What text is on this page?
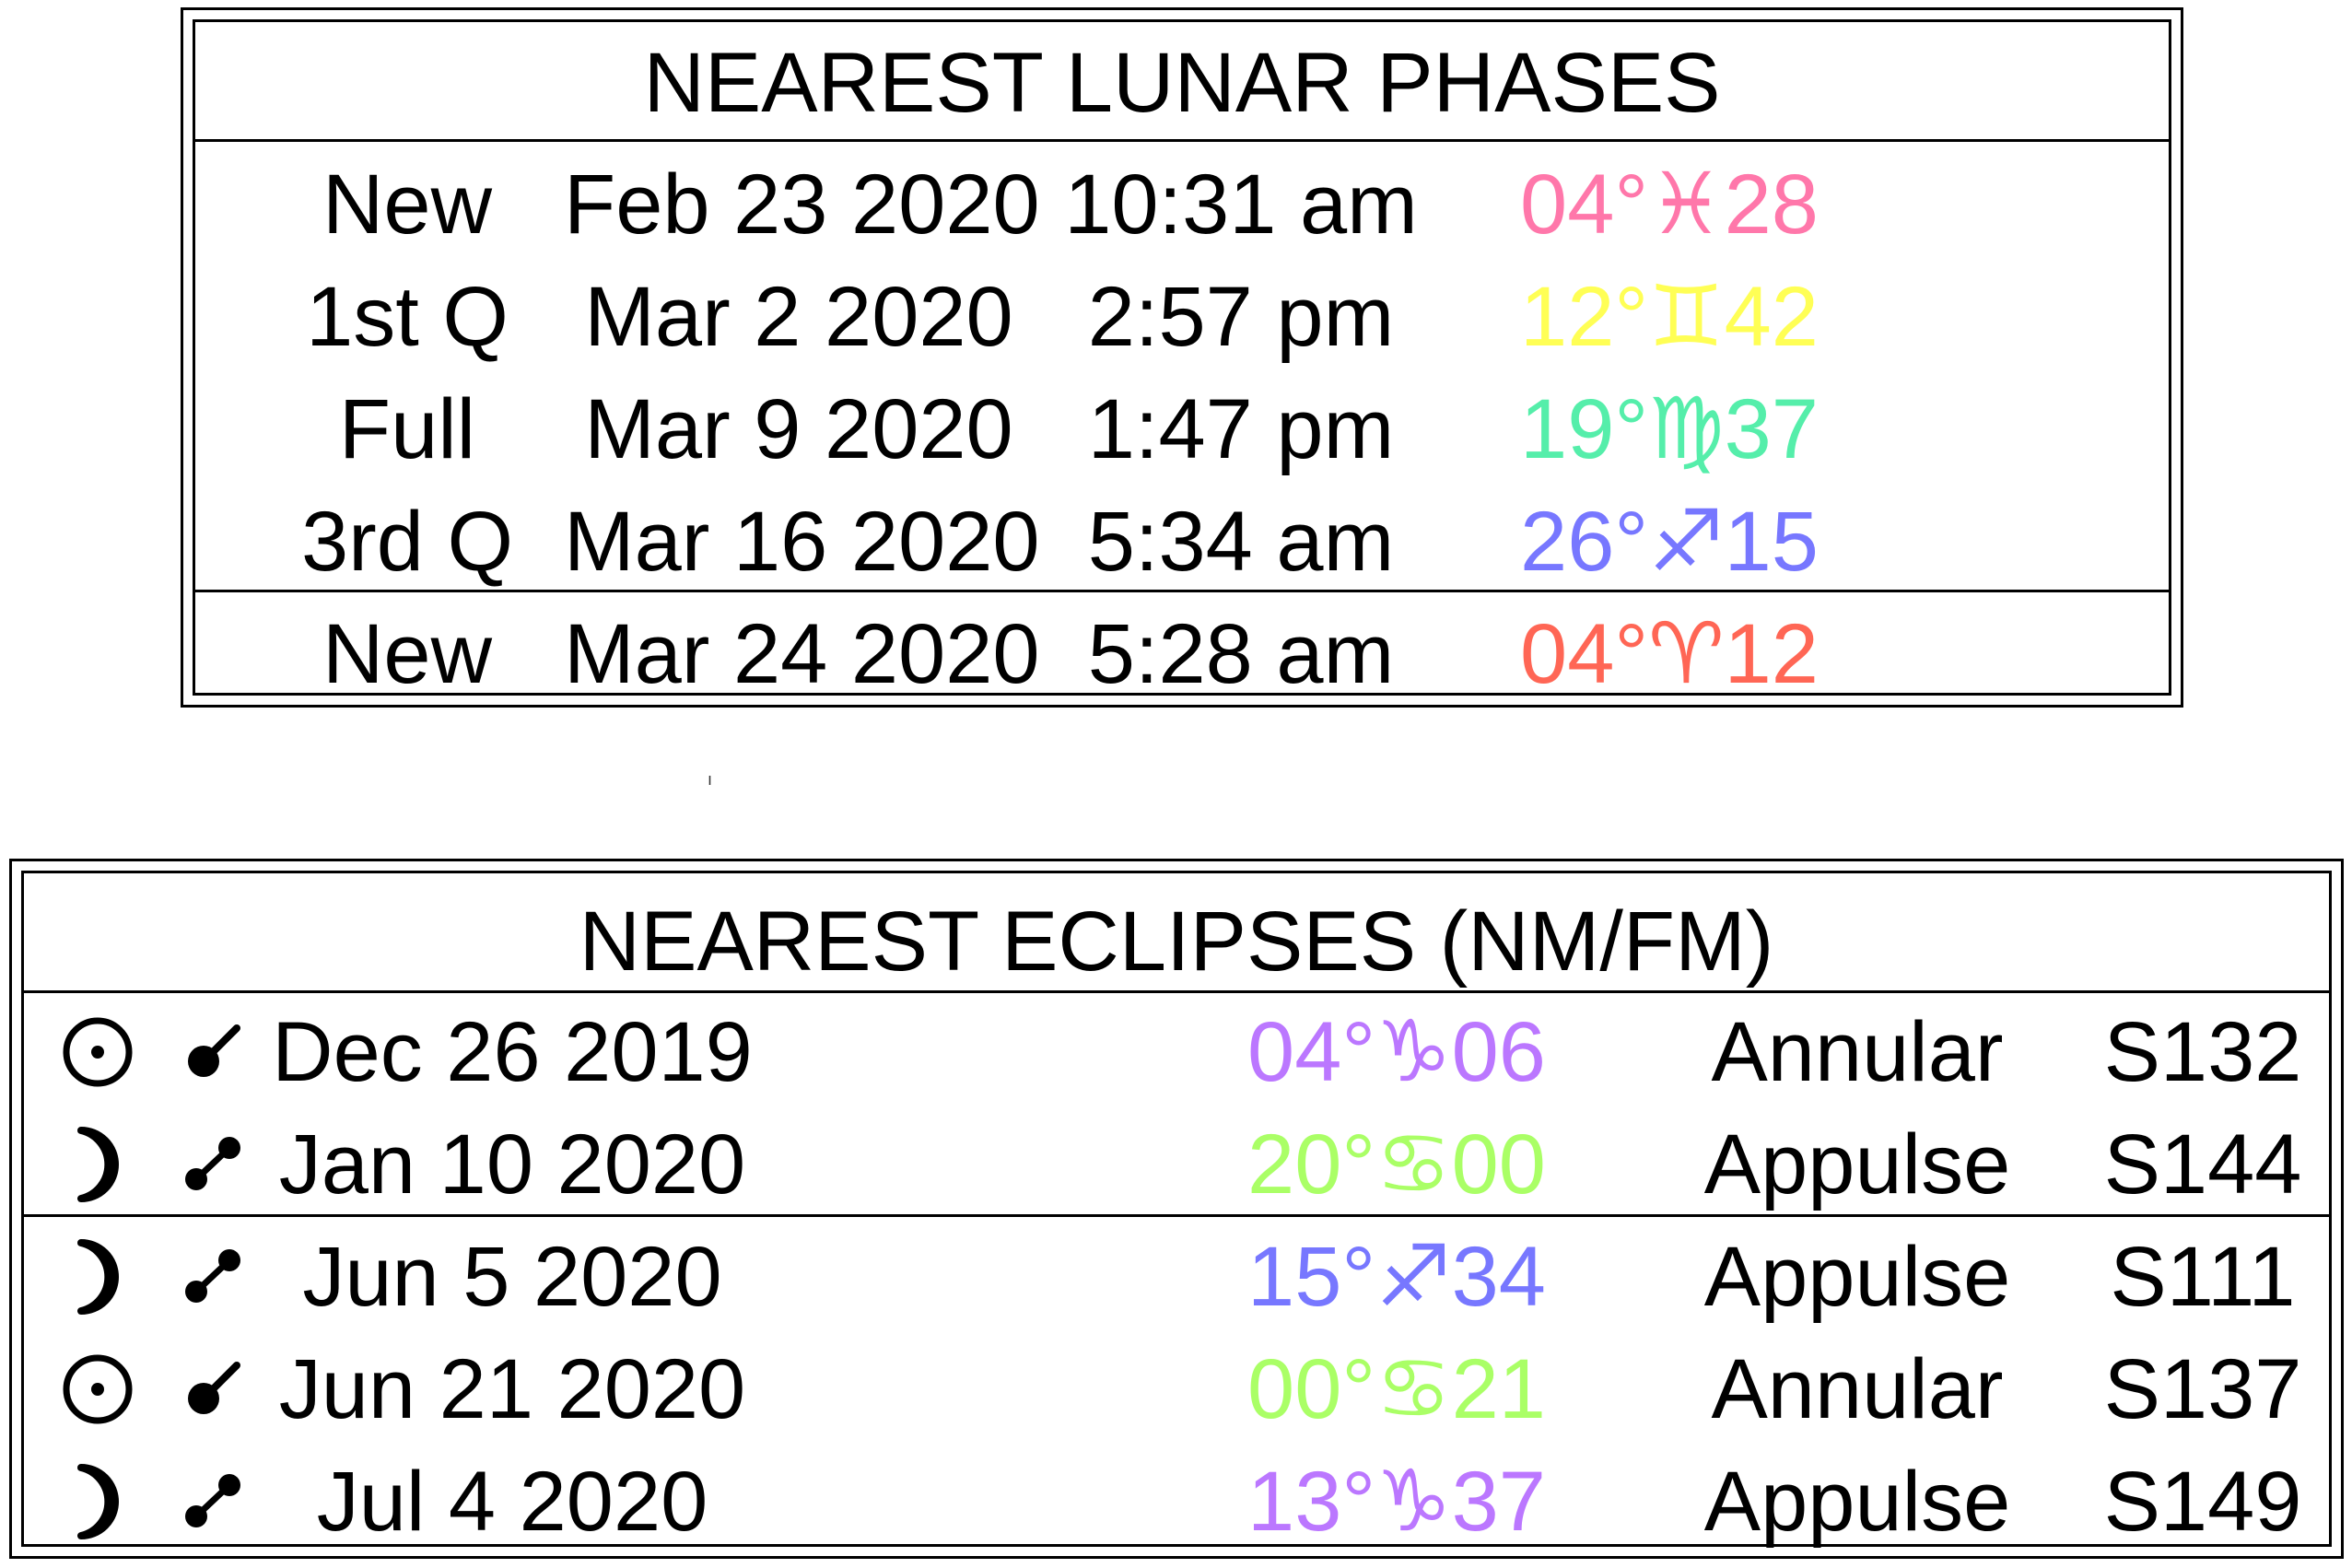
NEAREST LUNAR PHASES
New Feb 23 2020 10:31 am	04°♓28
1st Q Mar 2 2020 2:57 pm	12°♊42
Full	Mar 9 2020 1:47 pm	19°♍37
3rd Q Mar 16 2020 5:34 am	26°♐15
New Mar 24 2020 5:28 am	04°♈12
ı
NEAREST ECLIPSES (NM/FM)
Dec 26 2019	04°♑06	Annular	S132
Jan 10 2020	20°♋00	Appulse S144
Jun 5 2020	15°♐34	Appulse	S111
Jun 21 2020	00°♋21	Annular	S137
Jul 4 2020	13°♑37	Appulse S149
